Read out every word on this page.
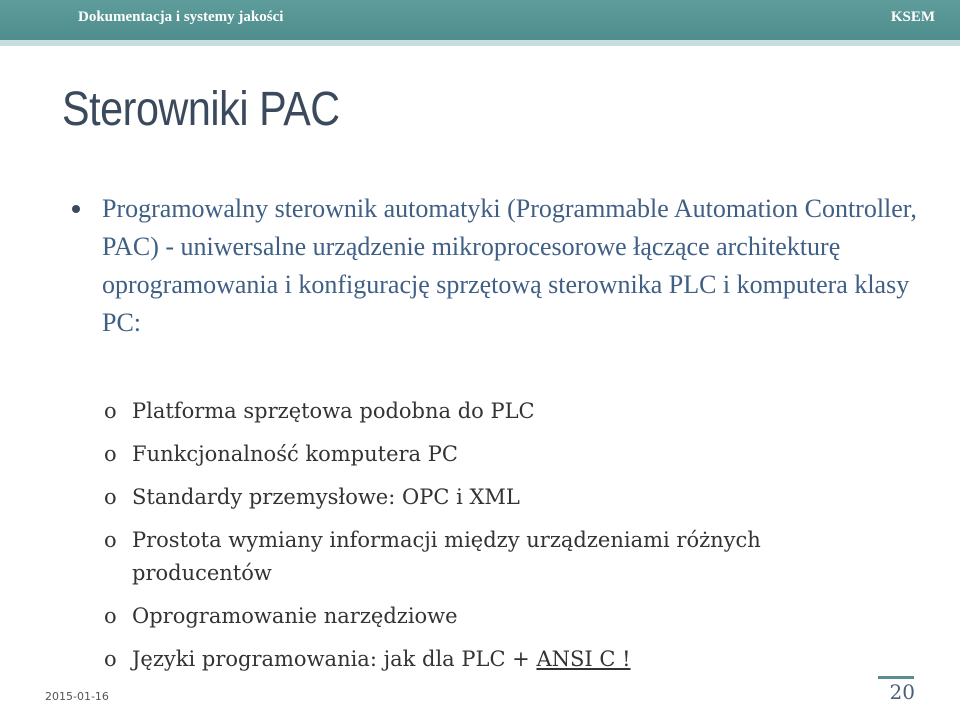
Dokumentacja i systemy jakości	KSEM
Sterowniki PAC
Programowalny sterownik automatyki (Programmable Automation Controller, PAC) - uniwersalne urządzenie mikroprocesorowe łączące architekturę oprogramowania i konfigurację sprzętową sterownika PLC i komputera klasy PC:
o Platforma sprzętowa podobna do PLC
o Funkcjonalność komputera PC
o Standardy przemysłowe: OPC i XML
o Prostota wymiany informacji między urządzeniami różnych producentów
o Oprogramowanie narzędziowe
o Języki programowania: jak dla PLC + ANSI C !
2015-01-16	20
